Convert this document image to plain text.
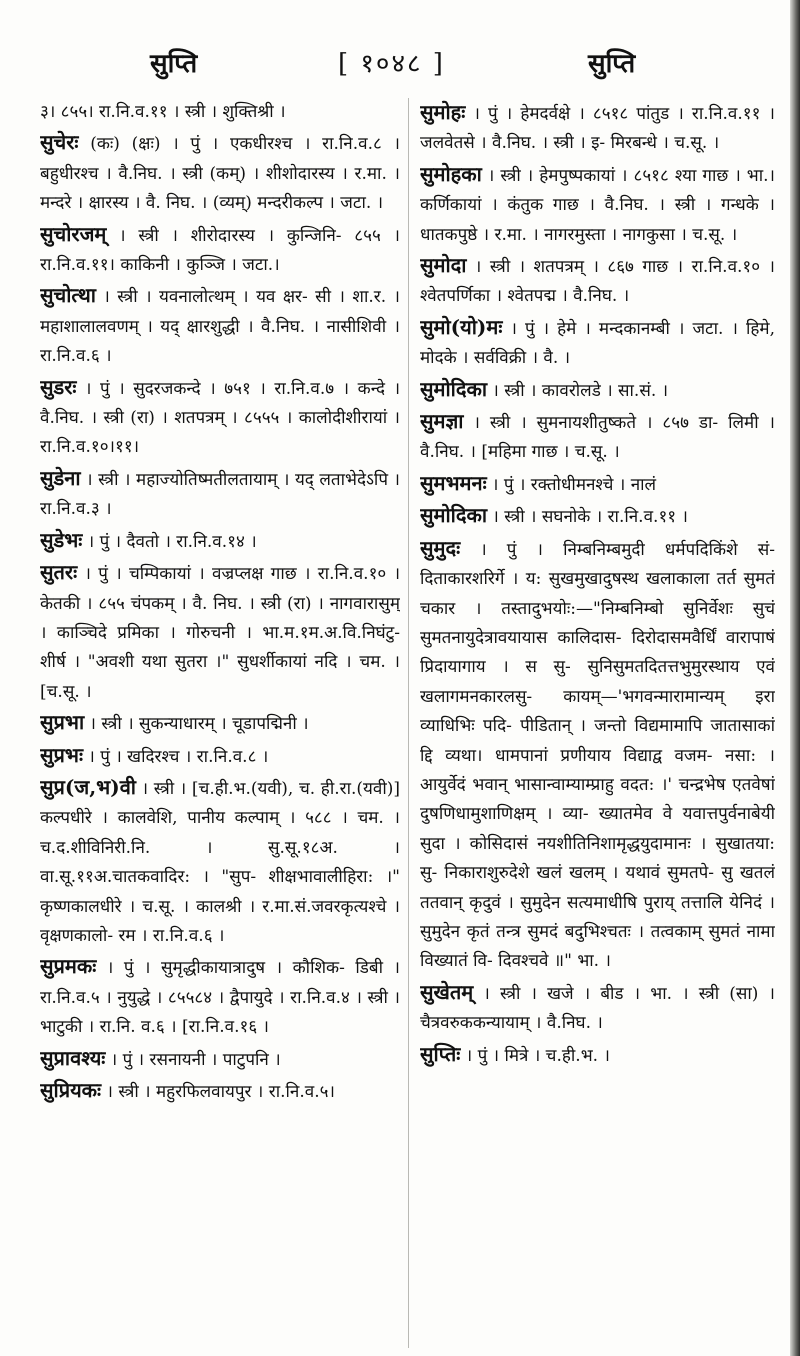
सुप्ति	[ १०४८ ]	सुप्ति

३। ८५५। रा.नि.व.११ । स्त्री । शुक्तिश्री ।

सुचेरः (कः) (क्षः) । पुं । एकधीरश्च । रा.नि.व.८ । बहुधीरश्च । वै.निघ. । स्त्री (कम्) । शीशोदारस्य । र.मा. । मन्दरे । क्षारस्य । वै. निघ. । (व्यम्) मन्दरीकल्प । जटा. ।

सुचोरजम् । स्त्री । शीरोदारस्य । कुन्जिनि- ८५५ । रा.नि.व.११। काकिनी । कुञ्जि । जटा.।

सुचोत्था । स्त्री । यवनालोत्थम् । यव क्षर- सी । शा.र. । महाशालालवणम् । यद् क्षारशुद्धी । वै.निघ. । नासीशिवी । रा.नि.व.६ ।

सुडरः । पुं । सुदरजकन्दे । ७५१ । रा.नि.व.७ । कन्दे । वै.निघ. । स्त्री (रा) । शतपत्रम् । ८५५५ । कालोदीशीरायां । रा.नि.व.१०।११।

सुडेना । स्त्री । महाज्योतिष्मतीलतायाम् । यद् लताभेदेऽपि । रा.नि.व.३ ।

सुडेभः । पुं । दैवतो । रा.नि.व.१४ ।

सुतरः । पुं । चम्पिकायां । वज्रप्लक्ष गाछ । रा.नि.व.१० । केतकी । ८५५ चंपकम् । वै. निघ. । स्त्री (रा) । नागवारासुम् । काञ्चिदे प्रमिका । गोरुचनी । भा.म.१म.अ.वि.निघंटु- शीर्ष । "अवशी यथा सुतरा ।" सुधर्शीकायां नदि । चम. । [च.सू. ।

सुप्रभा । स्त्री । सुकन्याधारम् । चूडापद्मिनी ।

सुप्रभः । पुं । खदिरश्च । रा.नि.व.८ ।

सुप्र(ज,भ)वी । स्त्री । [च.ही.भ.(यवी), च. ही.रा.(यवी)] कल्पधीरे । कालवेशि, पानीय कल्पाम् । ५८८ । चम. । च.द.शीविनिरी.नि. । सु.सू.१८अ. । वा.सू.११अ.चातकवादिर: । "सुप- शीक्षभावालीहिरा: ।" कृष्णकालधीरे । च.सू. । कालश्री । र.मा.सं.जवरकृत्यश्चे । वृक्षणकालो- रम । रा.नि.व.६ ।

सुप्रमकः । पुं । सुमृद्धीकायात्रादुष । कौशिक- डिबी । रा.नि.व.५ । नुयुद्धे । ८५५८४ । द्वैपायुदे । रा.नि.व.४ । स्त्री । भाटुकी । रा.नि. व.६ । [रा.नि.व.१६ ।

सुप्रावश्यः । पुं । रसनायनी । पाटुपनि ।

सुप्रियकः । स्त्री । महुरफिलवायपुर । रा.नि.व.५।

सुमोहः । पुं । हेमदर्वक्षे । ८५१८ पांतुड । रा.नि.व.११ । जलवेतसे । वै.निघ. । स्त्री । इ- मिरबन्धे । च.सू. ।

सुमोहका । स्त्री । हेमपुष्पकायां । ८५१८ श्या गाछ । भा.। कर्णिकायां । कंतुक गाछ । वै.निघ. । स्त्री । गन्धके । धातकपुष्ठे । र.मा. । नागरमुस्ता । नागकुसा । च.सू. ।

सुमोदा । स्त्री । शतपत्रम् । ८६७ गाछ । रा.नि.व.१० । श्वेतपर्णिका । श्वेतपद्म । वै.निघ. ।

सुमो(यो)मः । पुं । हेमे । मन्दकानम्बी । जटा. । हिमे, मोदके । सर्वविक्री । वै. ।

सुमोदिका । स्त्री । कावरोलडे । सा.सं. ।

सुमज्ञा । स्त्री । सुमनायशीतुष्कते । ८५७ डा- लिमी । वै.निघ. । [महिमा गाछ । च.सू. ।

सुमभमनः । पुं । रक्तोधीमनश्चे । नालं

सुमोदिका । स्त्री । सघनोके । रा.नि.व.११ ।

सुमुदः । पुं । निम्बनिम्बमुदी धर्मपदिकिंशे सं- दिताकारशरिर्गे । य: सुखमुखादुषस्थ खलाकाला तर्त सुमतं चकार । तस्तादुभयोः:—"निम्बनिम्बो सुनिर्वेशः सुचं सुमतनायुदेत्रावयायास कालिदास- दिरोदासमवैर्धिं वारापाषं प्रिदायागाय । स सु- सुनिसुमतदितत्तभुमुरस्थाय एवं खलागमनकारलसु- कायम्—'भगवन्मारामान्यम् इरा व्याधिभिः पदि- पीडितान् । जन्तो विद्यमामापि जातासाकां द्दि व्यथा। धामपानां प्रणीयाय विद्याद्व वजम- नसा: । आयुर्वेदं भवान् भासान्वाम्याम्प्राहु वदत: ।' चन्द्रभेष एतवेषां दुषणिधामुशाणिक्षम् । व्या- ख्यातमेव वे यवात्तपुर्वनाबेयी सुदा । कोसिदासं नयशीतिनिशामृद्धयुदामानः । सुखातया: सु- निकाराशुरुदेशे खलं खलम् । यथावं सुमतपे- सु खतलं ततवान् कृदुवं । सुमुदेन सत्यमाधीषि पुराय् तत्तालि येनिदं । सुमुदेन कृतं तन्त्र सुमदं बदुभिश्चतः । तत्वकाम् सुमतं नामा विख्यातं वि- दिवश्चवे ॥" भा. ।

सुखेतम् । स्त्री । खजे । बीड । भा. । स्त्री (सा) । चैत्रवरुककन्यायाम् । वै.निघ. ।

सुप्तिः । पुं । मित्रे । च.ही.भ. ।
